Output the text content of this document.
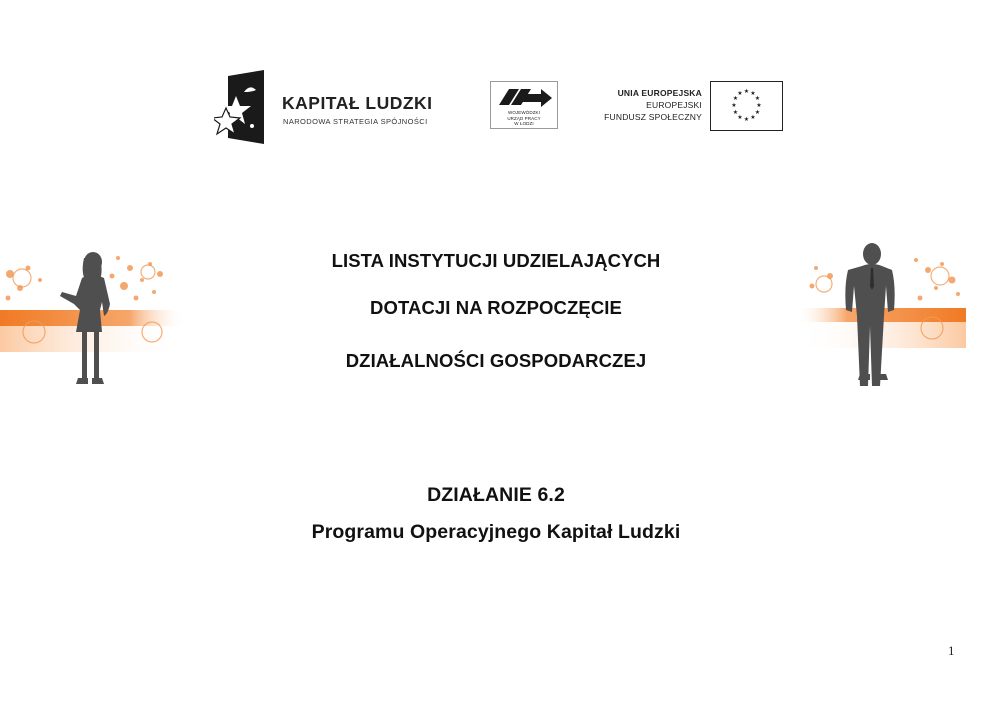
KAPITAŁ LUDZKI
NARODOWA STRATEGIA SPÓJNOŚCI
WOJEWÓDZKI
URZĄD PRACY
W ŁODZI
UNIA EUROPEJSKA
EUROPEJSKI
FUNDUSZ SPOŁECZNY
★ ★
★
★
★
★
★
★
★
★
★
★
LISTA INSTYTUCJI UDZIELAJĄCYCH
DOTACJI NA ROZPOCZĘCIE
DZIAŁALNOŚCI GOSPODARCZEJ
DZIAŁANIE 6.2
Programu Operacyjnego Kapitał Ludzki
1
